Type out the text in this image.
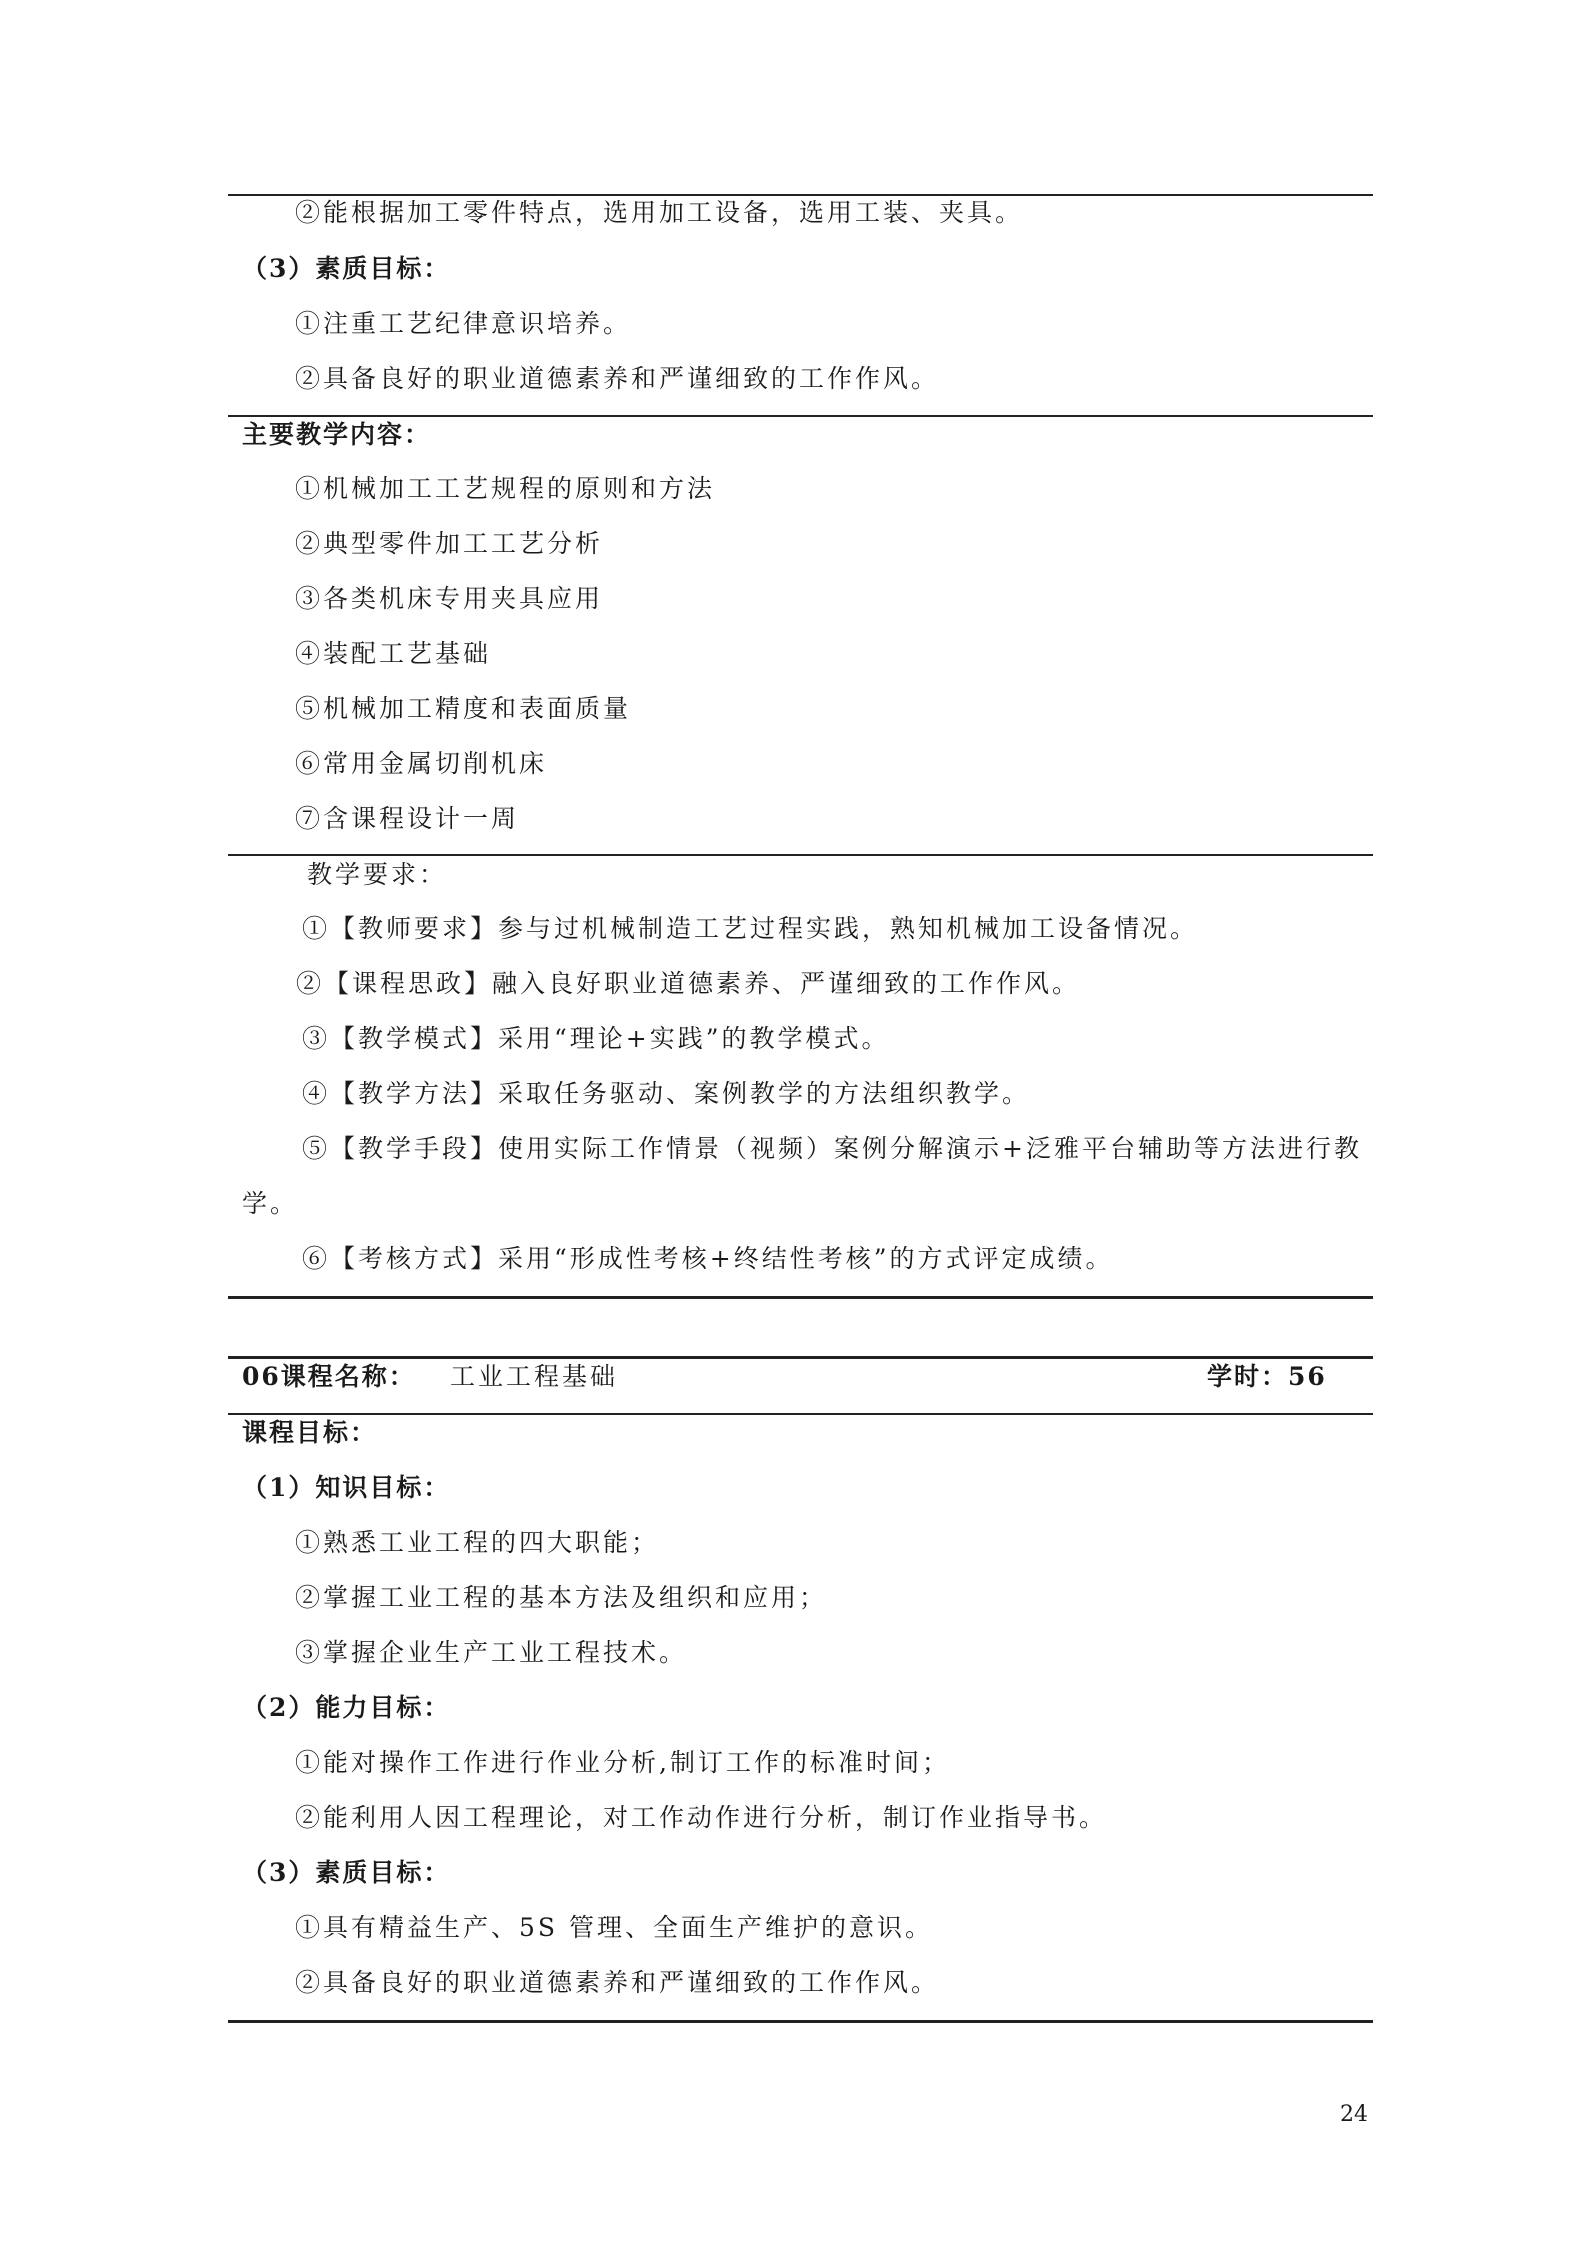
②能根据加工零件特点，选用加工设备，选用工装、夹具。
（3）素质目标：
①注重工艺纪律意识培养。
②具备良好的职业道德素养和严谨细致的工作作风。
主要教学内容：
①机械加工工艺规程的原则和方法
②典型零件加工工艺分析
③各类机床专用夹具应用
④装配工艺基础
⑤机械加工精度和表面质量
⑥常用金属切削机床
⑦含课程设计一周
教学要求：
①【教师要求】参与过机械制造工艺过程实践，熟知机械加工设备情况。
②【课程思政】融入良好职业道德素养、严谨细致的工作作风。
③【教学模式】采用“理论+实践”的教学模式。
④【教学方法】采取任务驱动、案例教学的方法组织教学。
⑤【教学手段】使用实际工作情景（视频）案例分解演示+泛雅平台辅助等方法进行教
学。
⑥【考核方式】采用“形成性考核+终结性考核”的方式评定成绩。
06课程名称： 工业工程基础	学时：56
课程目标：
（1）知识目标：
①熟悉工业工程的四大职能；
②掌握工业工程的基本方法及组织和应用；
③掌握企业生产工业工程技术。
（2）能力目标：
①能对操作工作进行作业分析,制订工作的标准时间；
②能利用人因工程理论，对工作动作进行分析，制订作业指导书。
（3）素质目标：
①具有精益生产、5S 管理、全面生产维护的意识。
②具备良好的职业道德素养和严谨细致的工作作风。
24
